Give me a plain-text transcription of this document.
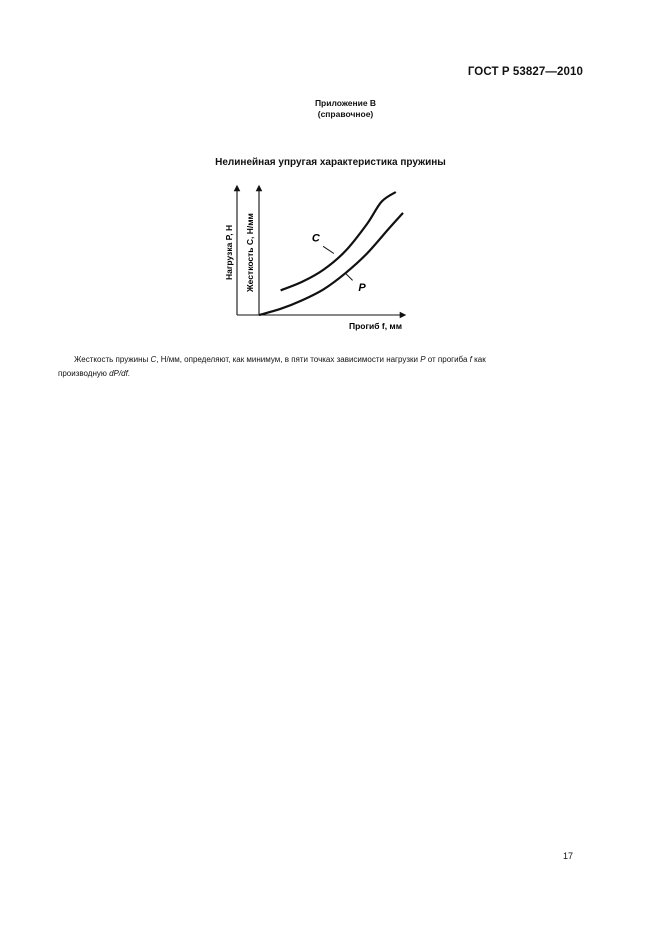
ГОСТ Р 53827—2010
Приложение В
(справочное)
Нелинейная упругая характеристика пружины
Нагрузка P, Н Жесткость C, Н/мм
Прогиб f, мм
C
P
Жесткость пружины C, Н/мм, определяют, как минимум, в пяти точках зависимости нагрузки P от прогиба f как
производную dP/df.
17
